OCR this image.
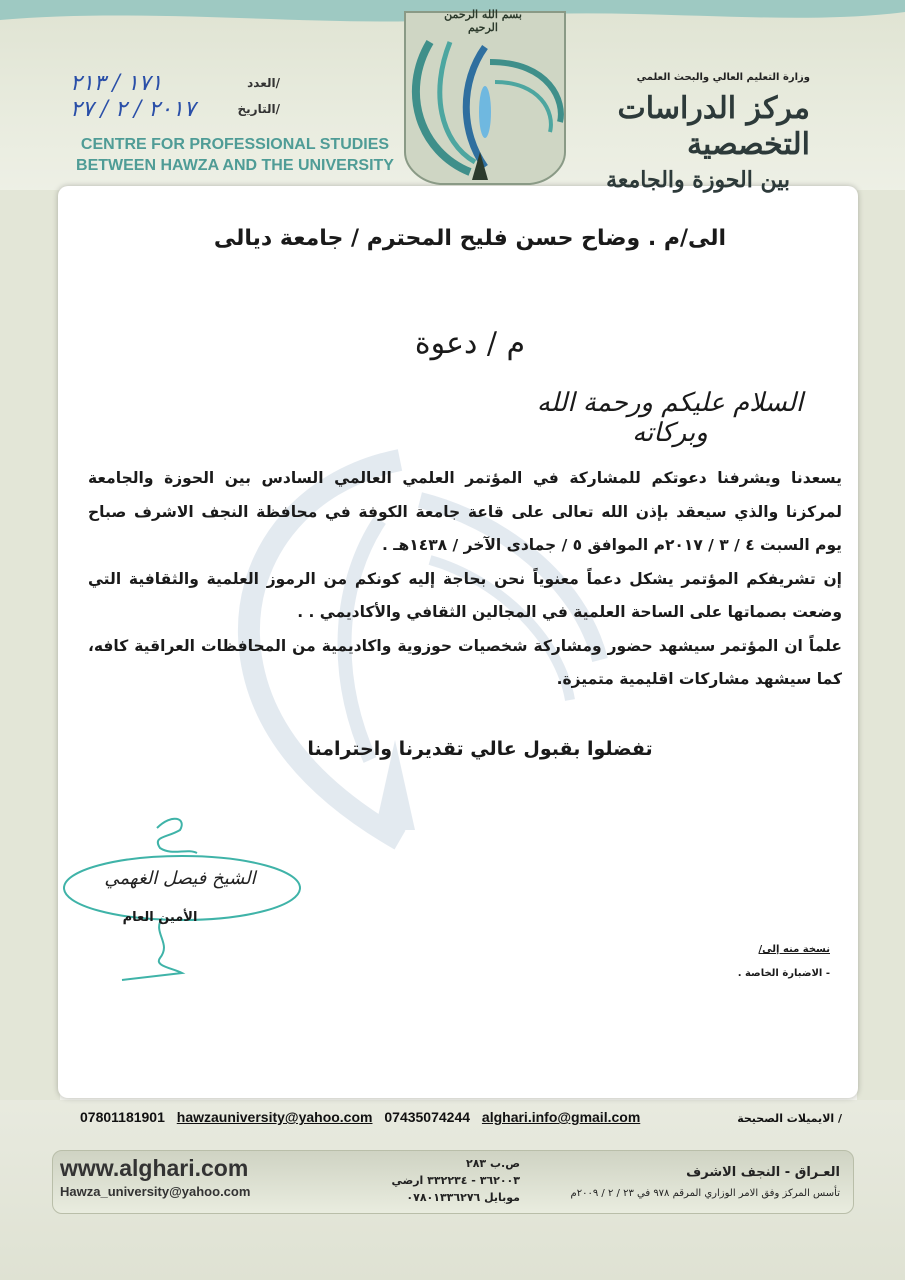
١٧١ / ٢١٣	العدد/
٢٠١٧ / ٢ / ٢٧	التاريخ/
CENTRE FOR PROFESSIONAL STUDIES
BETWEEN HAWZA AND THE UNIVERSITY
بسم الله الرحمن الرحيم
وزارة التعليم العالي والبحث العلمي
مركز الدراسات التخصصية
بين الحوزة والجامعة
الى/م . وضاح حسن فليح المحترم / جامعة ديالى
م / دعوة
السلام عليكم ورحمة الله وبركاته

يسعدنا ويشرفنا دعوتكم للمشاركة في المؤتمر العلمي العالمي السادس بين الحوزة والجامعة لمركزنا والذي سيعقد بإذن الله تعالى على قاعة جامعة الكوفة في محافظة النجف الاشرف صباح يوم السبت ٤ / ٣ / ٢٠١٧م الموافق ٥ / جمادى الآخر / ١٤٣٨هـ .

إن تشريفكم المؤتمر يشكل دعماً معنوياً نحن بحاجة إليه كونكم من الرموز العلمية والثقافية التي وضعت بصماتها على الساحة العلمية في المجالين الثقافي والأكاديمي . .

علماً ان المؤتمر سيشهد حضور ومشاركة شخصيات حوزوية واكاديمية من المحافظات العراقية كافه، كما سيشهد مشاركات اقليمية متميزة.

تفضلوا بقبول عالي تقديرنا واحترامنا
الشيخ فيصل الغهمي
الأمين العام
نسخة منه إلى/
- الاضبارة الخاصة .
07801181901 hawzauniversity@yahoo.com 07435074244 alghari.info@gmail.com	/ الايميلات الصحيحة
www.alghari.com
Hawza_university@yahoo.com
ص.ب ٢٨٣
٣٦٢٠٠٣ - ٣٣٢٢٣٤ ارضي
موبايل ٠٧٨٠١٣٣٦٢٧٦
العـراق - النجف الاشرف
تأسس المركز وفق الامر الوزاري المرقم ٩٧٨ في ٢٣ / ٢ / ٢٠٠٩م
